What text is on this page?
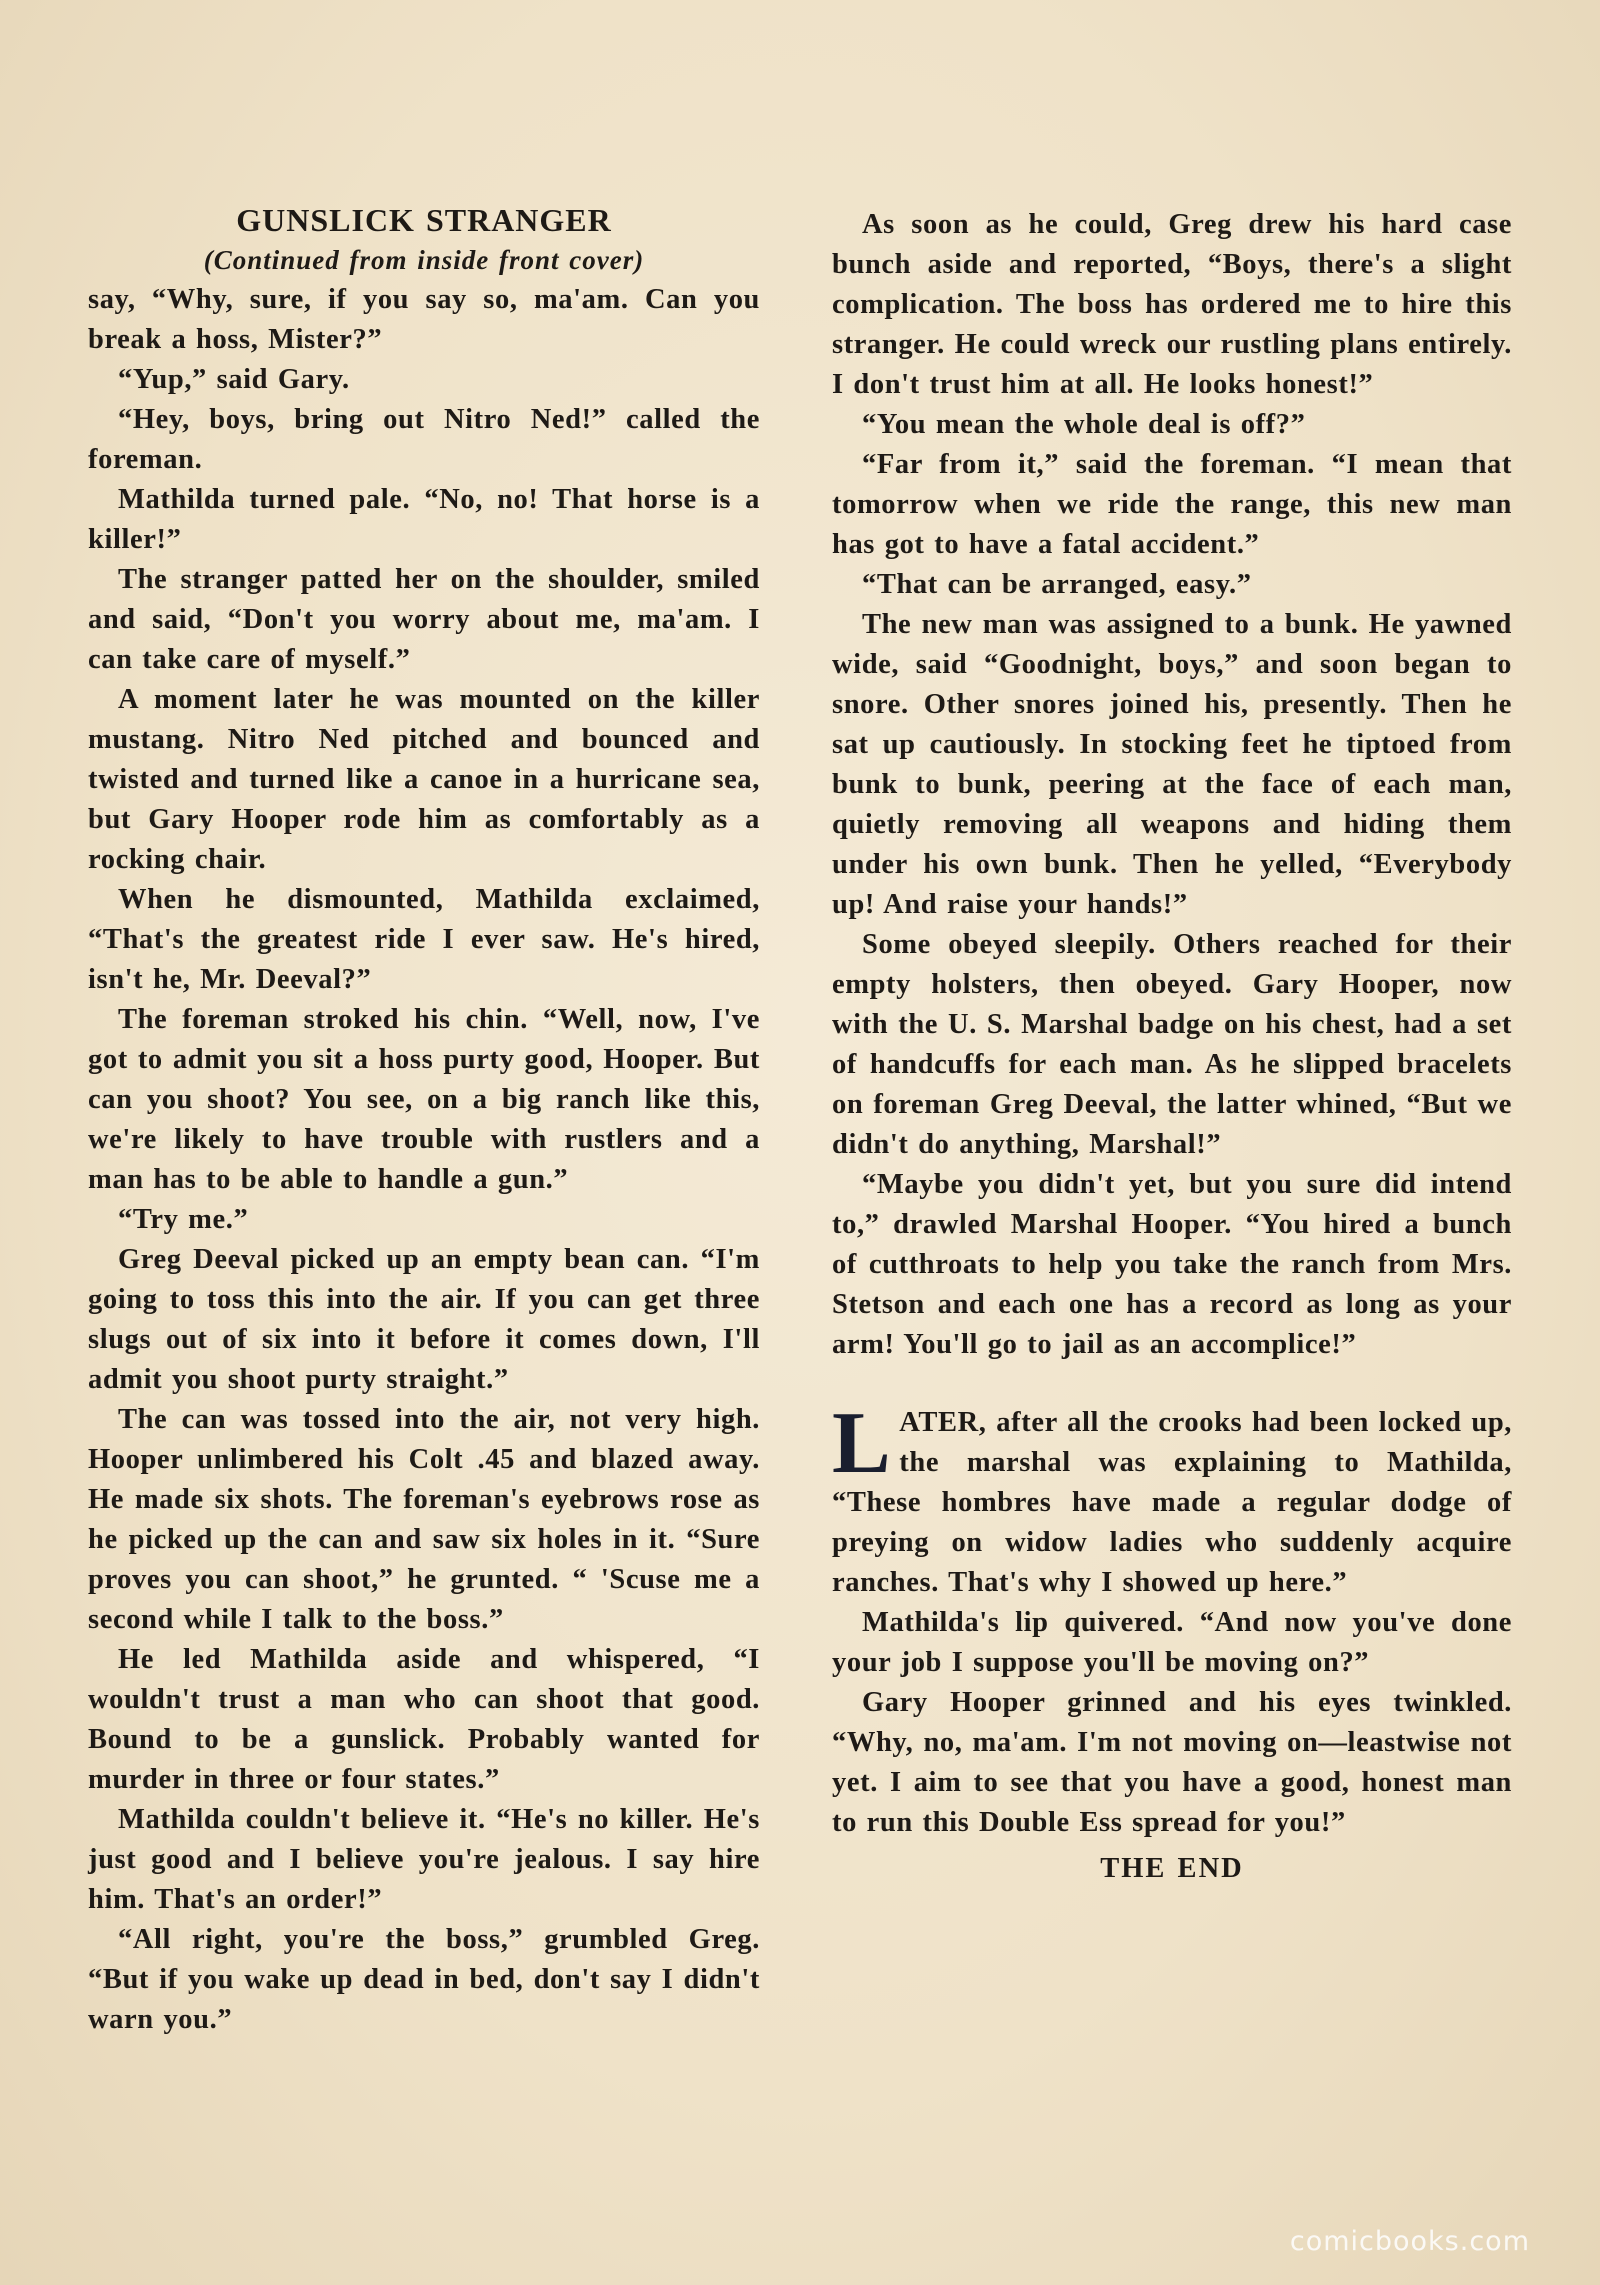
GUNSLICK STRANGER

(Continued from inside front cover)

say, “Why, sure, if you say so, ma'am. Can you break a hoss, Mister?”

“Yup,” said Gary.

“Hey, boys, bring out Nitro Ned!” called the foreman.

Mathilda turned pale. “No, no! That horse is a killer!”

The stranger patted her on the shoulder, smiled and said, “Don't you worry about me, ma'am. I can take care of myself.”

A moment later he was mounted on the killer mustang. Nitro Ned pitched and bounced and twisted and turned like a canoe in a hurricane sea, but Gary Hooper rode him as comfortably as a rocking chair.

When he dismounted, Mathilda exclaimed, “That's the greatest ride I ever saw. He's hired, isn't he, Mr. Deeval?”

The foreman stroked his chin. “Well, now, I've got to admit you sit a hoss purty good, Hooper. But can you shoot? You see, on a big ranch like this, we're likely to have trouble with rustlers and a man has to be able to handle a gun.”

“Try me.”

Greg Deeval picked up an empty bean can. “I'm going to toss this into the air. If you can get three slugs out of six into it before it comes down, I'll admit you shoot purty straight.”

The can was tossed into the air, not very high. Hooper unlimbered his Colt .45 and blazed away. He made six shots. The foreman's eyebrows rose as he picked up the can and saw six holes in it. “Sure proves you can shoot,” he grunted. “ 'Scuse me a second while I talk to the boss.”

He led Mathilda aside and whispered, “I wouldn't trust a man who can shoot that good. Bound to be a gunslick. Probably wanted for murder in three or four states.”

Mathilda couldn't believe it. “He's no killer. He's just good and I believe you're jealous. I say hire him. That's an order!”

“All right, you're the boss,” grumbled Greg. “But if you wake up dead in bed, don't say I didn't warn you.”

As soon as he could, Greg drew his hard case bunch aside and reported, “Boys, there's a slight complication. The boss has ordered me to hire this stranger. He could wreck our rustling plans entirely. I don't trust him at all. He looks honest!”

“You mean the whole deal is off?”

“Far from it,” said the foreman. “I mean that tomorrow when we ride the range, this new man has got to have a fatal accident.”

“That can be arranged, easy.”

The new man was assigned to a bunk. He yawned wide, said “Goodnight, boys,” and soon began to snore. Other snores joined his, presently. Then he sat up cautiously. In stocking feet he tiptoed from bunk to bunk, peering at the face of each man, quietly removing all weapons and hiding them under his own bunk. Then he yelled, “Everybody up! And raise your hands!”

Some obeyed sleepily. Others reached for their empty holsters, then obeyed. Gary Hooper, now with the U. S. Marshal badge on his chest, had a set of handcuffs for each man. As he slipped bracelets on foreman Greg Deeval, the latter whined, “But we didn't do anything, Marshal!”

“Maybe you didn't yet, but you sure did intend to,” drawled Marshal Hooper. “You hired a bunch of cutthroats to help you take the ranch from Mrs. Stetson and each one has a record as long as your arm! You'll go to jail as an accomplice!”

LATER, after all the crooks had been locked up, the marshal was explaining to Mathilda, “These hombres have made a regular dodge of preying on widow ladies who suddenly acquire ranches. That's why I showed up here.”

Mathilda's lip quivered. “And now you've done your job I suppose you'll be moving on?”

Gary Hooper grinned and his eyes twinkled. “Why, no, ma'am. I'm not moving on—leastwise not yet. I aim to see that you have a good, honest man to run this Double Ess spread for you!”

THE END

comicbooks.com
